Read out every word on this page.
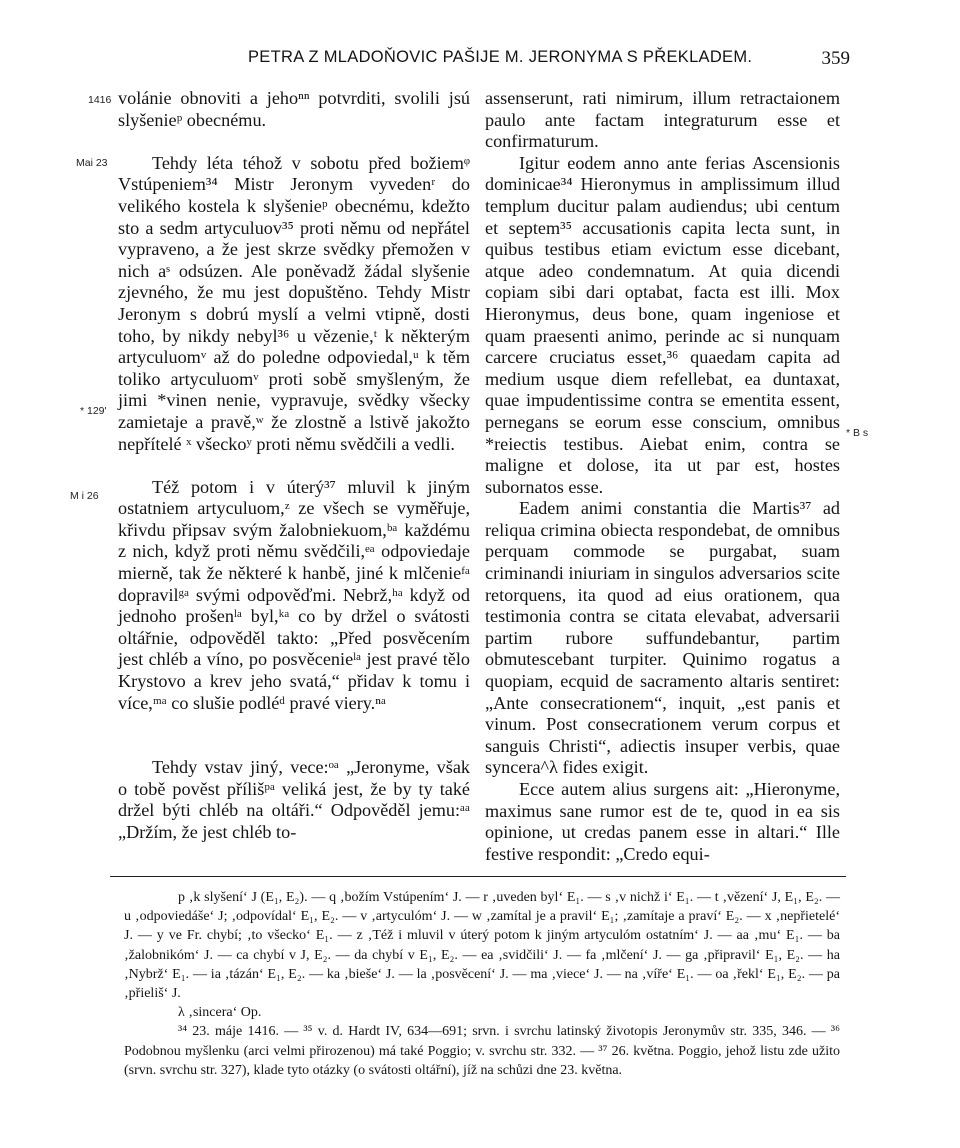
PETRA Z MLADOŇOVIC PAŠIJE M. JERONYMA S PŘEKLADEM.	359
1416
Mai 23
* 129'
M i 26
* B s

volánie obnoviti a jehoⁿⁿ potvrditi, svolili jsú slyšenieᵖ obecnému.

Tehdy léta téhož v sobotu před božiemᵠ Vstúpeniem³⁴ Mistr Jeronym vyvedenʳ do velikého kostela k slyšenieᵖ obecnému, kdežto sto a sedm artyculuov³⁵ proti němu od nepřátel vypraveno, a že jest skrze svědky přemožen v nich aˢ odsúzen. Ale poněvadž žádal slyšenie zjevného, že mu jest dopuštěno. Tehdy Mistr Jeronym s dobrú myslí a velmi vtipně, dosti toho, by nikdy nebyl³⁶ u vězenie,ᵗ k některým artyculuomᵛ až do poledne odpoviedal,ᵘ k těm toliko artyculuomᵛ proti sobě smyšleným, že jimi *vinen nenie, vypravuje, svědky všecky zamietaje a pravě,ʷ že zlostně a lstivě jakožto nepřítelé ˣ všeckoʸ proti němu svědčili a vedli.

Též potom i v úterý³⁷ mluvil k jiným ostatniem artyculuom,ᶻ ze všech se vyměřuje, křivdu připsav svým žalobniekuom,ᵇᵃ každému z nich, když proti němu svědčili,ᵉᵃ odpoviedaje mierně, tak že některé k hanbě, jiné k mlčenieᶠᵃ dopravilᵍᵃ svými odpověďmi. Nebrž,ʰᵃ když od jednoho prošenˡᵃ byl,ᵏᵃ co by držel o svátosti oltářnie, odpověděl takto: „Před posvěcením jest chléb a víno, po posvěcenieˡᵃ jest pravé tělo Krystovo a krev jeho svatá,“ přidav k tomu i více,ᵐᵃ co slušie podléᵈ pravé viery.ⁿᵃ

Tehdy vstav jiný, vece:ᵒᵃ „Jeronyme, však o tobě pověst přílišᵖᵃ veliká jest, že by ty také držel býti chléb na oltáři.“ Odpověděl jemu:ᵃᵃ „Držím, že jest chléb to-

assenserunt, rati nimirum, illum retractaionem paulo ante factam integraturum esse et confirmaturum.

Igitur eodem anno ante ferias Ascensionis dominicae³⁴ Hieronymus in amplissimum illud templum ducitur palam audiendus; ubi centum et septem³⁵ accusationis capita lecta sunt, in quibus testibus etiam evictum esse dicebant, atque adeo condemnatum. At quia dicendi copiam sibi dari optabat, facta est illi. Mox Hieronymus, deus bone, quam ingeniose et quam praesenti animo, perinde ac si nunquam carcere cruciatus esset,³⁶ quaedam capita ad medium usque diem refellebat, ea duntaxat, quae impudentissime contra se ementita essent, pernegans se eorum esse conscium, omnibus *reiectis testibus. Aiebat enim, contra se maligne et dolose, ita ut par est, hostes subornatos esse.

Eadem animi constantia die Martis³⁷ ad reliqua crimina obiecta respondebat, de omnibus perquam commode se purgabat, suam criminandi iniuriam in singulos adversarios scite retorquens, ita quod ad eius orationem, qua testimonia contra se citata elevabat, adversarii partim rubore suffundebantur, partim obmutescebant turpiter. Quinimo rogatus a quopiam, ecquid de sacramento altaris sentiret: „Ante consecrationem“, inquit, „est panis et vinum. Post consecrationem verum corpus et sanguis Christi“, adiectis insuper verbis, quae syncera^λ fides exigit.

Ecce autem alius surgens ait: „Hieronyme, maximus sane rumor est de te, quod in ea sis opinione, ut credas panem esse in altari.“ Ille festive respondit: „Credo equi-

p ‚k slyšení‘ J (E₁, E₂). — q ‚božím Vstúpením‘ J. — r ‚uveden byl‘ E₁. — s ‚v nichž i‘ E₁. — t ‚vězení‘ J, E₁, E₂. — u ‚odpoviedáše‘ J; ‚odpovídal‘ E₁, E₂. — v ‚artyculóm‘ J. — w ‚zamítal je a pravil‘ E₁; ‚zamítaje a praví‘ E₂. — x ‚nepřietelé‘ J. — y ve Fr. chybí; ‚to všecko‘ E₁. — z ‚Též i mluvil v úterý potom k jiným artyculóm ostatním‘ J. — aa ‚mu‘ E₁. — ba ‚žalobnikóm‘ J. — ca chybí v J, E₂. — da chybí v E₁, E₂. — ea ‚svidčili‘ J. — fa ‚mlčení‘ J. — ga ‚připravil‘ E₁, E₂. — ha ‚Nybrž‘ E₁. — ia ‚tázán‘ E₁, E₂. — ka ‚bieše‘ J. — la ‚posvěcení‘ J. — ma ‚viece‘ J. — na ‚víře‘ E₁. — oa ‚řekl‘ E₁, E₂. — pa ‚přieliš‘ J.

λ ‚sincera‘ Op.

³⁴ 23. máje 1416. — ³⁵ v. d. Hardt IV, 634—691; srvn. i svrchu latinský životopis Jeronymův str. 335, 346. — ³⁶ Podobnou myšlenku (arci velmi přirozenou) má také Poggio; v. svrchu str. 332. — ³⁷ 26. května. Poggio, jehož listu zde užito (srvn. svrchu str. 327), klade tyto otázky (o svátosti oltářní), jíž na schůzi dne 23. května.
